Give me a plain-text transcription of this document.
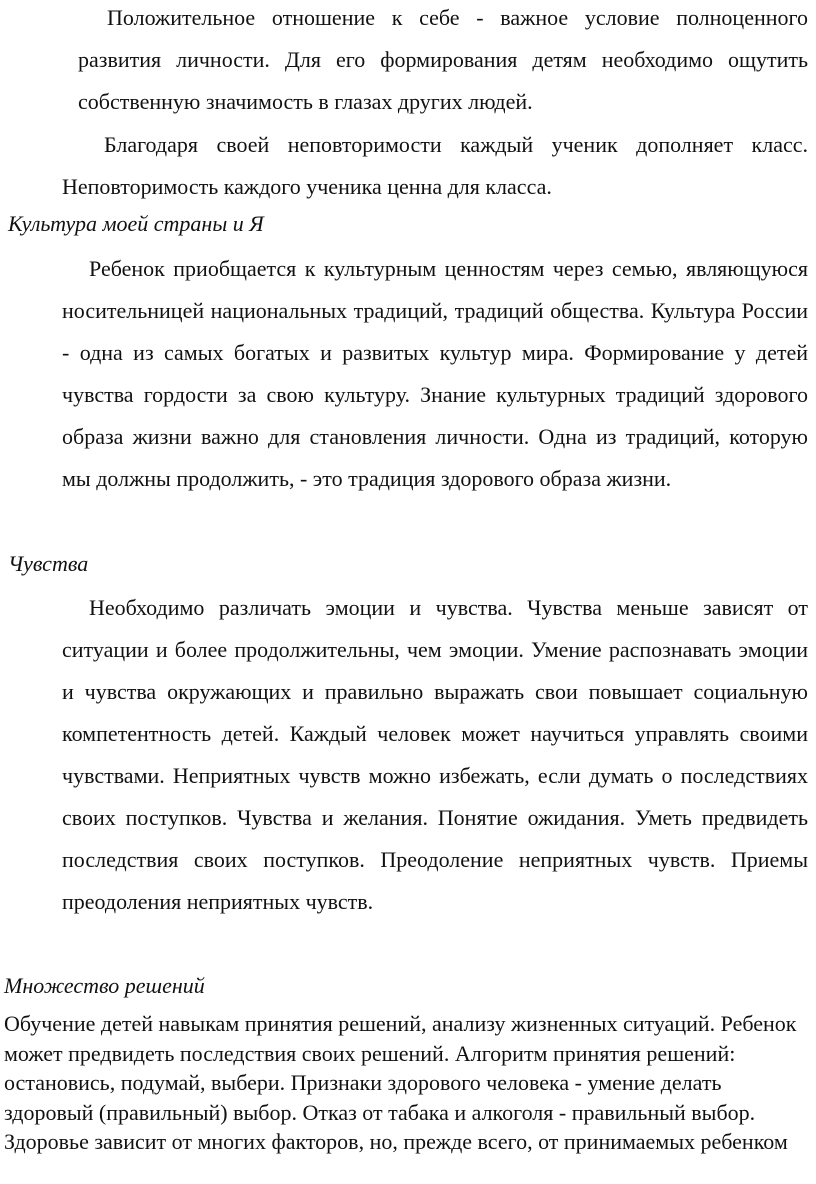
Положительное отношение к себе - важное условие полноценного развития личности. Для его формирования детям необходимо ощутить собственную значимость в глазах других людей.

Благодаря своей неповторимости каждый ученик дополняет класс. Неповторимость каждого ученика ценна для класса.

Культура моей страны и Я

Ребенок приобщается к культурным ценностям через семью, являющуюся носительницей национальных традиций, традиций общества. Культура России - одна из самых богатых и развитых культур мира. Формирование у детей чувства гордости за свою культуру. Знание культурных традиций здорового образа жизни важно для становления личности. Одна из традиций, которую мы должны продолжить, - это традиция здорового образа жизни.

Чувства

Необходимо различать эмоции и чувства. Чувства меньше зависят от ситуации и более продолжительны, чем эмоции. Умение распознавать эмоции и чувства окружающих и правильно выражать свои повышает социальную компетентность детей. Каждый человек может научиться управлять своими чувствами. Неприятных чувств можно избежать, если думать о последствиях своих поступков. Чувства и желания. Понятие ожидания. Уметь предвидеть последствия своих поступков. Преодоление неприятных чувств. Приемы преодоления неприятных чувств.

Множество решений

Обучение детей навыкам принятия решений, анализу жизненных ситуаций. Ребенок может предвидеть последствия своих решений. Алгоритм принятия решений: остановись, подумай, выбери. Признаки здорового человека - умение делать здоровый (правильный) выбор. Отказ от табака и алкоголя - правильный выбор. Здоровье зависит от многих факторов, но, прежде всего, от принимаемых ребенком
